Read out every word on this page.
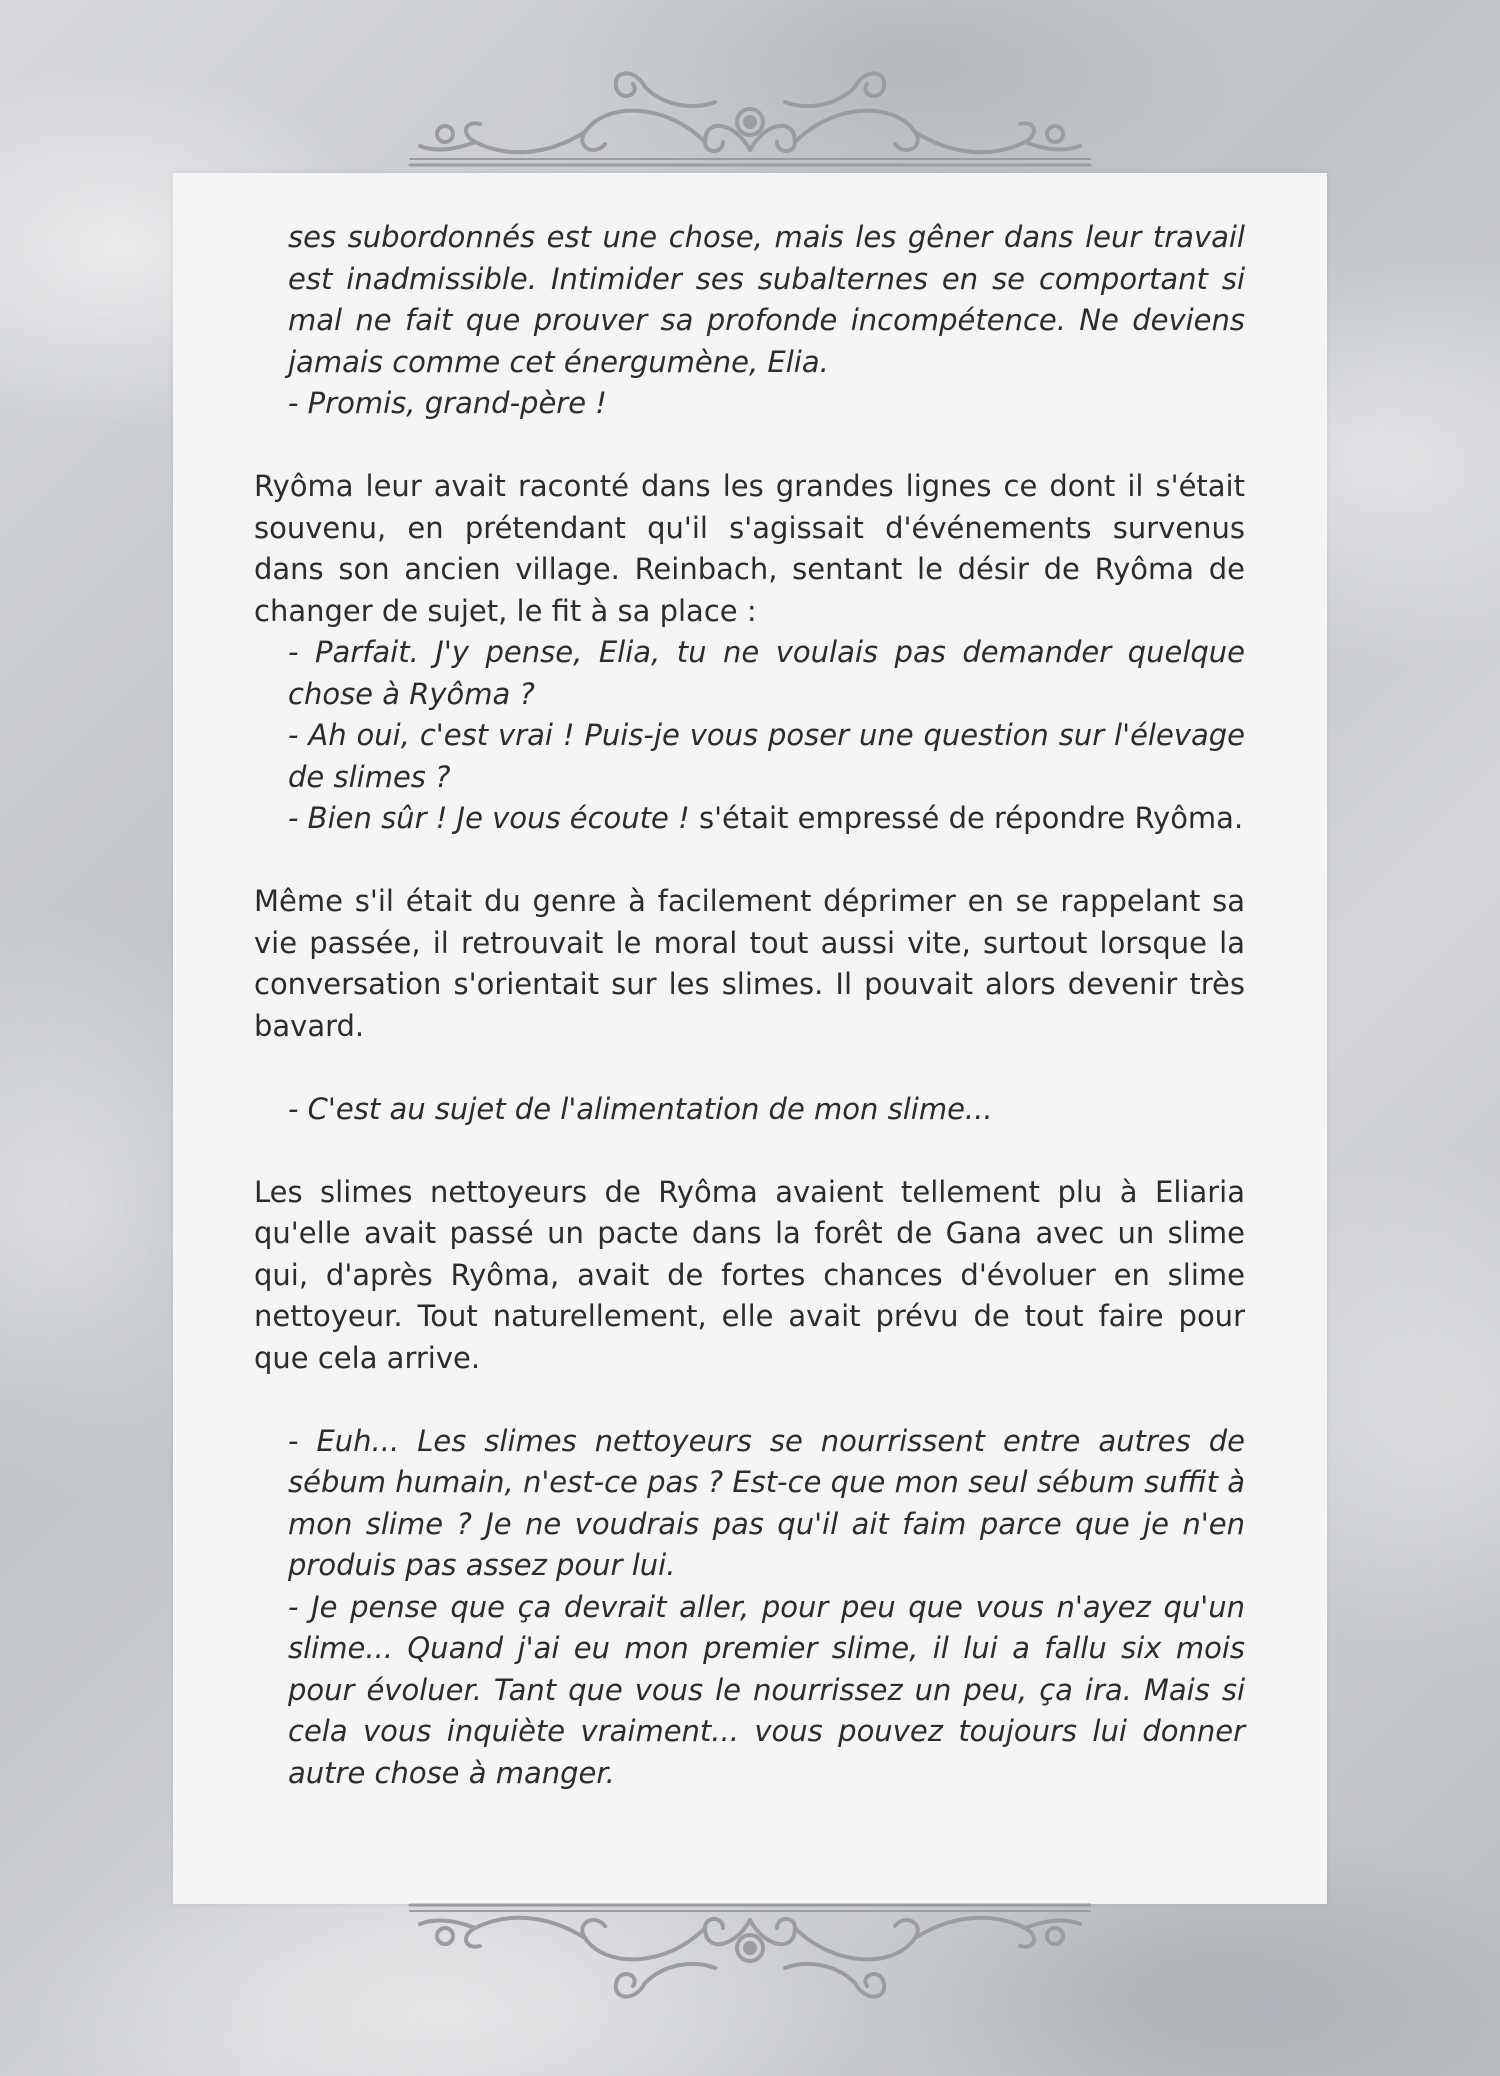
ses subordonnés est une chose, mais les gêner dans leur travail est inadmissible. Intimider ses subalternes en se comportant si mal ne fait que prouver sa profonde incompétence. Ne deviens jamais comme cet énergumène, Elia.

- Promis, grand-père !

Ryôma leur avait raconté dans les grandes lignes ce dont il s'était souvenu, en prétendant qu'il s'agissait d'événements survenus dans son ancien village. Reinbach, sentant le désir de Ryôma de changer de sujet, le fit à sa place :

- Parfait. J'y pense, Elia, tu ne voulais pas demander quelque chose à Ryôma ?

- Ah oui, c'est vrai ! Puis-je vous poser une question sur l'élevage de slimes ?

- Bien sûr ! Je vous écoute ! s'était empressé de répondre Ryôma.

Même s'il était du genre à facilement déprimer en se rappelant sa vie passée, il retrouvait le moral tout aussi vite, surtout lorsque la conversation s'orientait sur les slimes. Il pouvait alors devenir très bavard.

- C'est au sujet de l'alimentation de mon slime...

Les slimes nettoyeurs de Ryôma avaient tellement plu à Eliaria qu'elle avait passé un pacte dans la forêt de Gana avec un slime qui, d'après Ryôma, avait de fortes chances d'évoluer en slime nettoyeur. Tout naturellement, elle avait prévu de tout faire pour que cela arrive.

- Euh... Les slimes nettoyeurs se nourrissent entre autres de sébum humain, n'est-ce pas ? Est-ce que mon seul sébum suffit à mon slime ? Je ne voudrais pas qu'il ait faim parce que je n'en produis pas assez pour lui.

- Je pense que ça devrait aller, pour peu que vous n'ayez qu'un slime... Quand j'ai eu mon premier slime, il lui a fallu six mois pour évoluer. Tant que vous le nourrissez un peu, ça ira. Mais si cela vous inquiète vraiment... vous pouvez toujours lui donner autre chose à manger.
